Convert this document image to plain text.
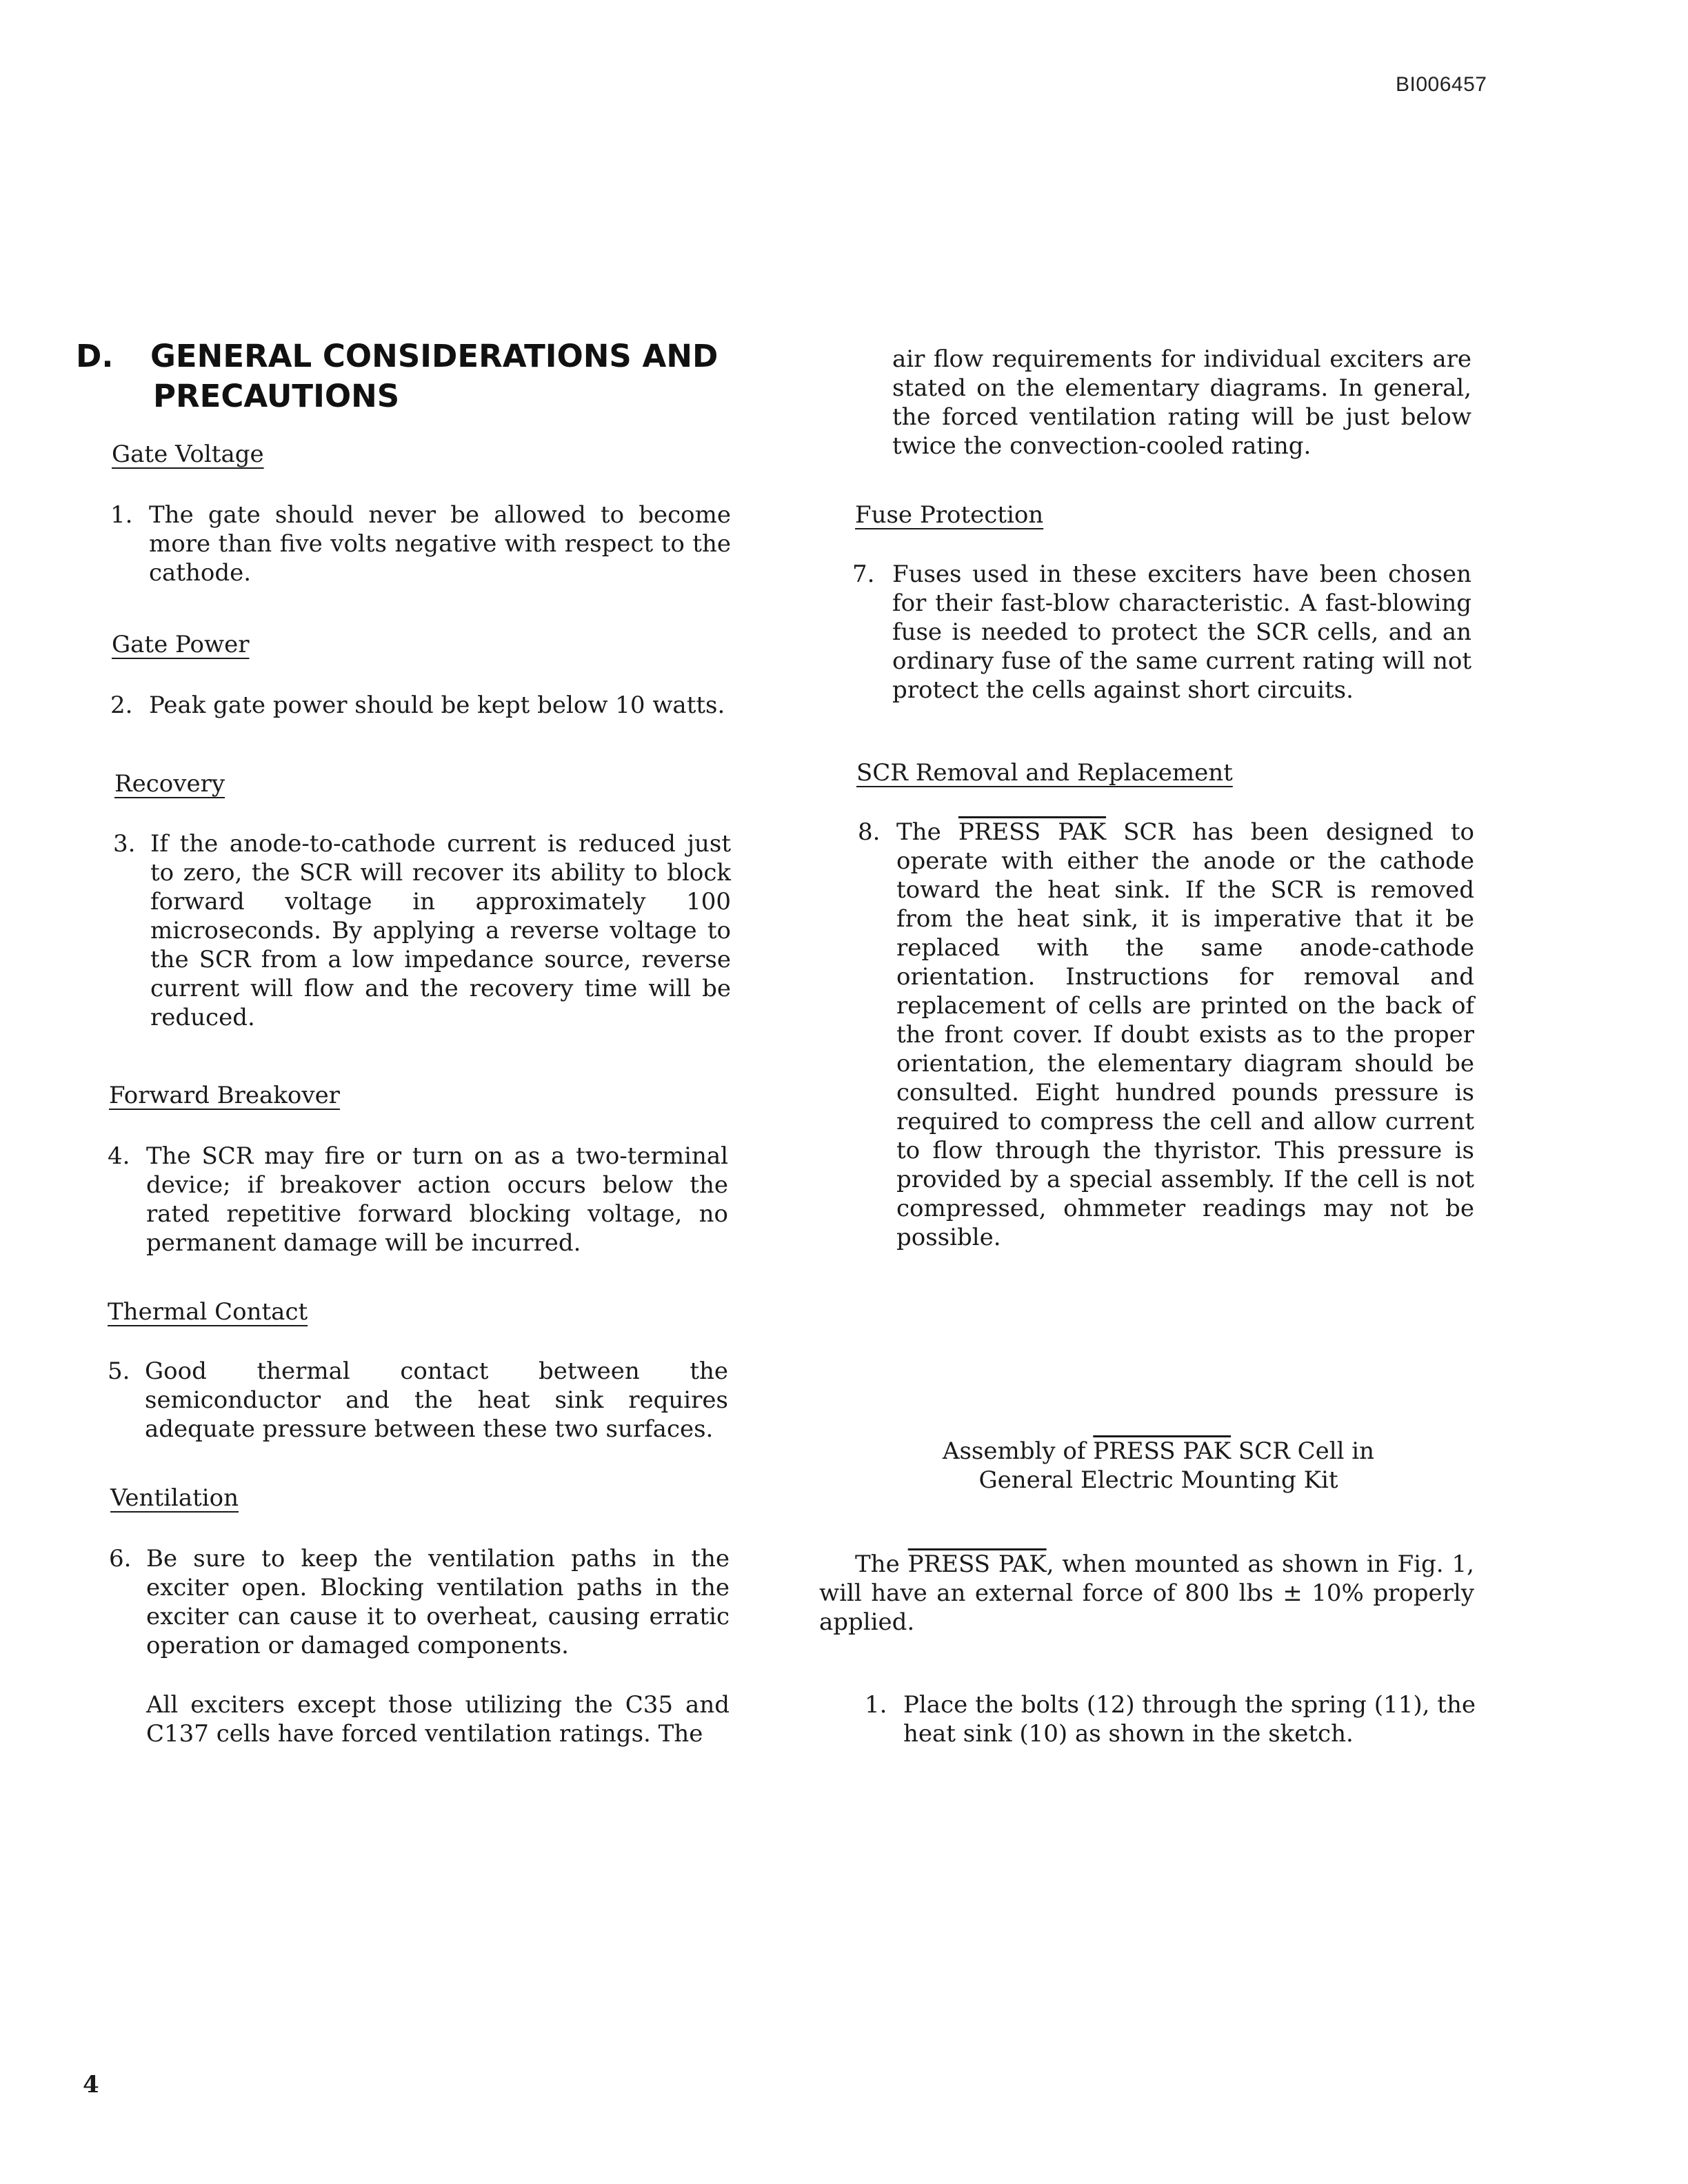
BI006457
D. GENERAL CONSIDERATIONS AND
PRECAUTIONS
Gate Voltage
1. The gate should never be allowed to become more than five volts negative with respect to the cathode.
Gate Power
2. Peak gate power should be kept below 10 watts.
Recovery
3. If the anode-to-cathode current is reduced just to zero, the SCR will recover its ability to block forward voltage in approximately 100 microseconds. By applying a reverse voltage to the SCR from a low impedance source, reverse current will flow and the recovery time will be reduced.
Forward Breakover
4. The SCR may fire or turn on as a two-terminal device; if breakover action occurs below the rated repetitive forward blocking voltage, no permanent damage will be incurred.
Thermal Contact
5. Good thermal contact between the semiconductor and the heat sink requires adequate pressure between these two surfaces.
Ventilation
6. Be sure to keep the ventilation paths in the exciter open. Blocking ventilation paths in the exciter can cause it to overheat, causing erratic operation or damaged components.
All exciters except those utilizing the C35 and C137 cells have forced ventilation ratings. The
air flow requirements for individual exciters are stated on the elementary diagrams. In general, the forced ventilation rating will be just below twice the convection-cooled rating.
Fuse Protection
7. Fuses used in these exciters have been chosen for their fast-blow characteristic. A fast-blowing fuse is needed to protect the SCR cells, and an ordinary fuse of the same current rating will not protect the cells against short circuits.
SCR Removal and Replacement
8. The PRESS PAK SCR has been designed to operate with either the anode or the cathode toward the heat sink. If the SCR is removed from the heat sink, it is imperative that it be replaced with the same anode-cathode orientation. Instructions for removal and replacement of cells are printed on the back of the front cover. If doubt exists as to the proper orientation, the elementary diagram should be consulted. Eight hundred pounds pressure is required to compress the cell and allow current to flow through the thyristor. This pressure is provided by a special assembly. If the cell is not compressed, ohmmeter readings may not be possible.
Assembly of PRESS PAK SCR Cell in
General Electric Mounting Kit
The PRESS PAK, when mounted as shown in Fig. 1, will have an external force of 800 lbs ± 10% properly applied.
1. Place the bolts (12) through the spring (11), the heat sink (10) as shown in the sketch.
4
